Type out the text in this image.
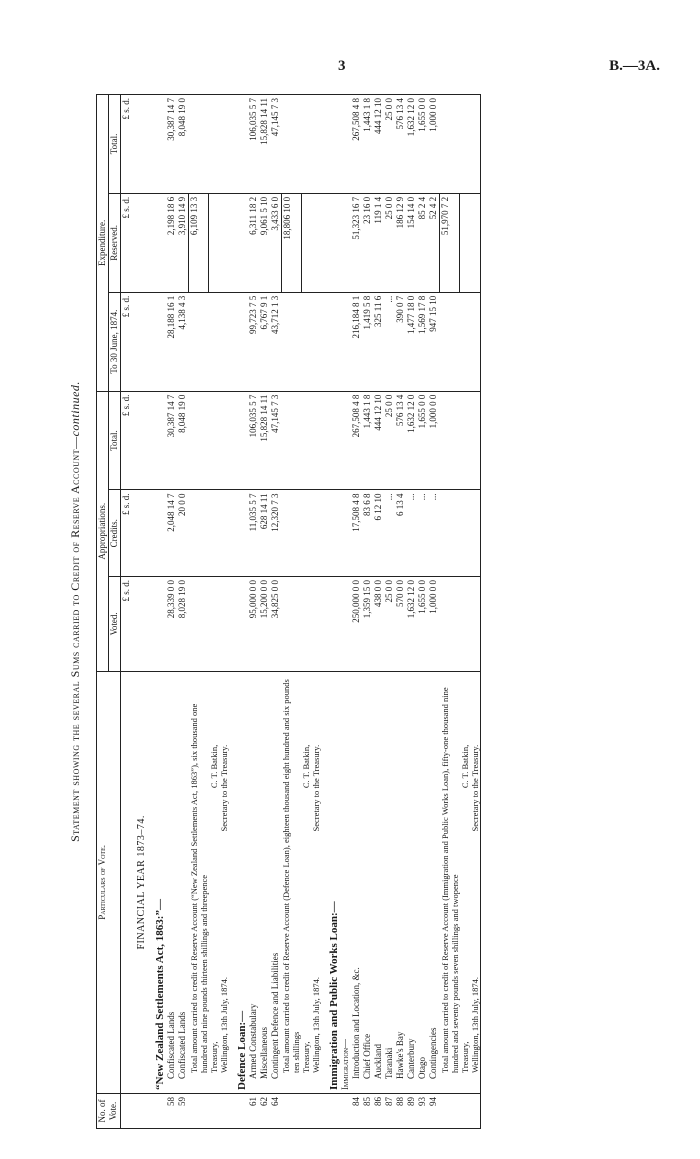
3	B.—3A.
Statement showing the several Sums carried to Credit of Reserve Account—continued.
No. of Vote.	Particulars of Vote.	Appropriations.			Expenditure.		
		Voted.	Credits.	Total.	To 30 June, 1874.	Reserved.	Total.
		£ s. d.	£ s. d.	£ s. d.	£ s. d.	£ s. d.	£ s. d.
	FINANCIAL YEAR 1873–74.						
	“New Zealand Settlements Act, 1863:”—						
58	Confiscated Lands	28,339 0 0	2,048 14 7	30,387 14 7	28,188 16 1	2,198 18 6	30,387 14 7
59	Confiscated Lands	8,028 19 0	20 0 0	8,048 19 0	4,138 4 3	3,910 14 9	8,048 19 0

	Total amount carried to credit of Reserve Account (“New Zealand Settlements Act, 1863”), six thousand one hundred and nine pounds thirteen shillings and threepence					6,109 13 3	
	Treasury,
C. T. Batkin,						

	Wellington, 13th July, 1874.
Secretary to the Treasury.						

	Defence Loan:—						
61	Armed Constabulary	95,000 0 0	11,035 5 7	106,035 5 7	99,723 7 5	6,311 18 2	106,035 5 7
62	Miscellaneous	15,200 0 0	628 14 11	15,828 14 11	6,767 9 1	9,061 5 10	15,828 14 11
64	Contingent Defence and Liabilities	34,825 0 0	12,320 7 3	47,145 7 3	43,712 1 3	3,433 6 0	47,145 7 3

	Total amount carried to credit of Reserve Account (Defence Loan), eighteen thousand eight hundred and six pounds ten shillings					18,806 10 0	
	Treasury,
C. T. Batkin,						

	Wellington, 13th July, 1874.
Secretary to the Treasury.						

	Immigration and Public Works Loan:—						
	Immigration—						
84	Introduction and Location, &c.	250,000 0 0	17,508 4 8	267,508 4 8	216,184 8 1	51,323 16 7	267,508 4 8
85	Chief Office	1,359 15 0	83 6 8	1,443 1 8	1,419 5 8	23 16 0	1,443 1 8
86	Auckland	438 0 0	6 12 10	444 12 10	325 11 6	119 1 4	444 12 10
87	Taranaki	25 0 0	...	25 0 0	...	25 0 0	25 0 0
88	Hawke's Bay	570 0 0	6 13 4	576 13 4	390 0 7	186 12 9	576 13 4
89	Canterbury	1,632 12 0	...	1,632 12 0	1,477 18 0	154 14 0	1,632 12 0
93	Otago	1,655 0 0	...	1,655 0 0	1,569 17 8	85 2 4	1,655 0 0
94	Contingencies	1,000 0 0	...	1,000 0 0	947 15 10	52 4 2	1,000 0 0

	Total amount carried to credit of Reserve Account (Immigration and Public Works Loan), fifty-one thousand nine hundred and seventy pounds seven shillings and twopence					51,970 7 2	
	Treasury,
C. T. Batkin,						

	Wellington, 13th July, 1874.
Secretary to the Treasury.						
